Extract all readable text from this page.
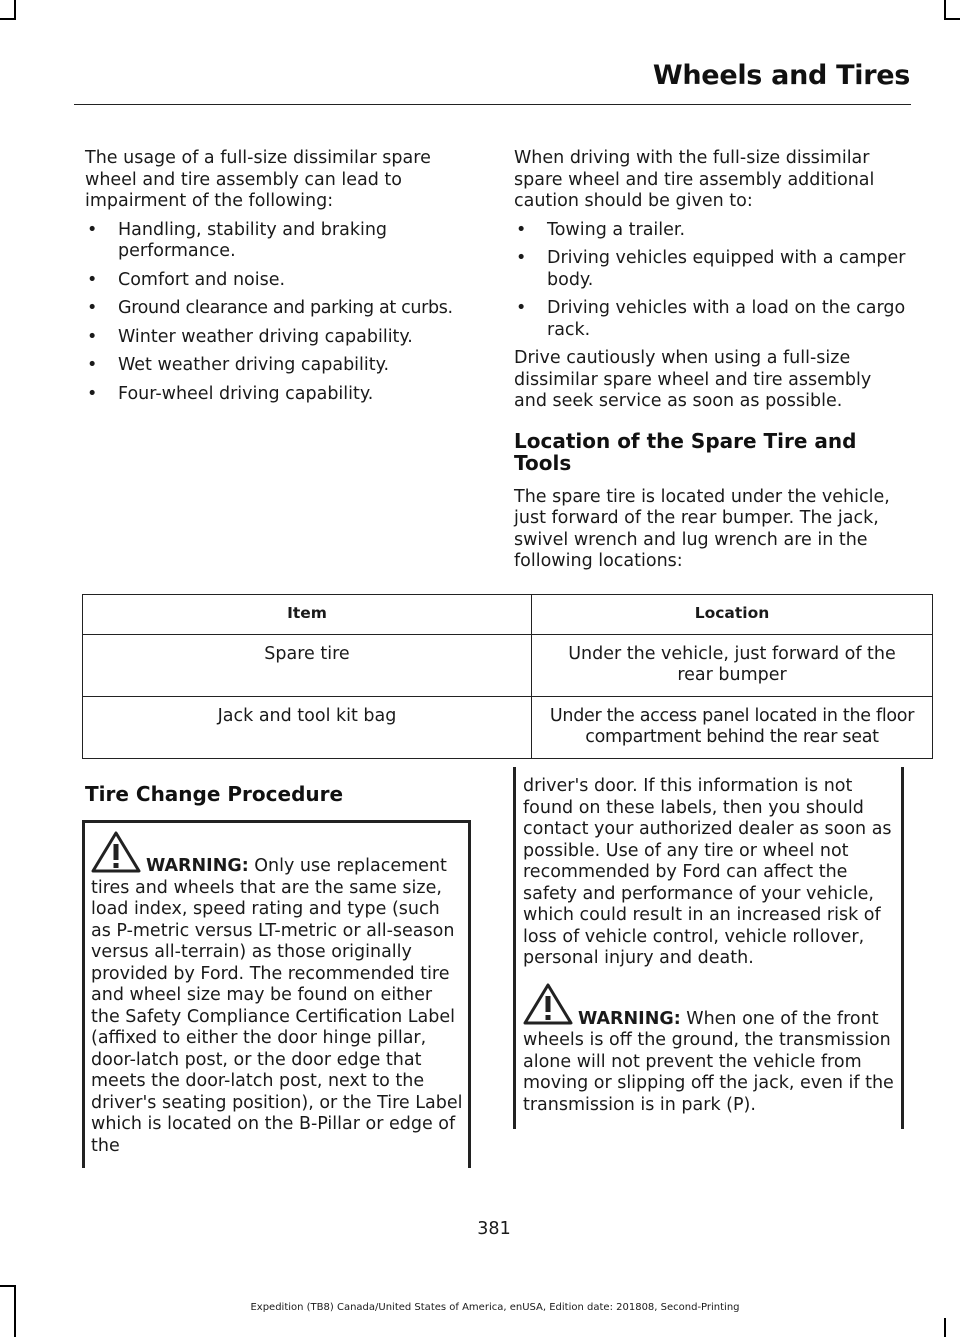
Wheels and Tires

The usage of a full-size dissimilar spare wheel and tire assembly can lead to impairment of the following:

• Handling, stability and braking performance.
• Comfort and noise.
• Ground clearance and parking at curbs.
• Winter weather driving capability.
• Wet weather driving capability.
• Four-wheel driving capability.

When driving with the full-size dissimilar spare wheel and tire assembly additional caution should be given to:

• Towing a trailer.
• Driving vehicles equipped with a camper body.
• Driving vehicles with a load on the cargo rack.

Drive cautiously when using a full-size dissimilar spare wheel and tire assembly and seek service as soon as possible.

Location of the Spare Tire and Tools

The spare tire is located under the vehicle, just forward of the rear bumper. The jack, swivel wrench and lug wrench are in the following locations:

Item	Location
Spare tire	Under the vehicle, just forward of the rear bumper
Jack and tool kit bag	Under the access panel located in the floor compartment behind the rear seat
Tire Change Procedure

WARNING: Only use replacement tires and wheels that are the same size, load index, speed rating and type (such as P-metric versus LT-metric or all-season versus all-terrain) as those originally provided by Ford. The recommended tire and wheel size may be found on either the Safety Compliance Certification Label (affixed to either the door hinge pillar, door-latch post, or the door edge that meets the door-latch post, next to the driver's seating position), or the Tire Label which is located on the B-Pillar or edge of the

driver's door. If this information is not found on these labels, then you should contact your authorized dealer as soon as possible. Use of any tire or wheel not recommended by Ford can affect the safety and performance of your vehicle, which could result in an increased risk of loss of vehicle control, vehicle rollover, personal injury and death.

WARNING: When one of the front wheels is off the ground, the transmission alone will not prevent the vehicle from moving or slipping off the jack, even if the transmission is in park (P).

381
Expedition (TB8) Canada/United States of America, enUSA, Edition date: 201808, Second-Printing
